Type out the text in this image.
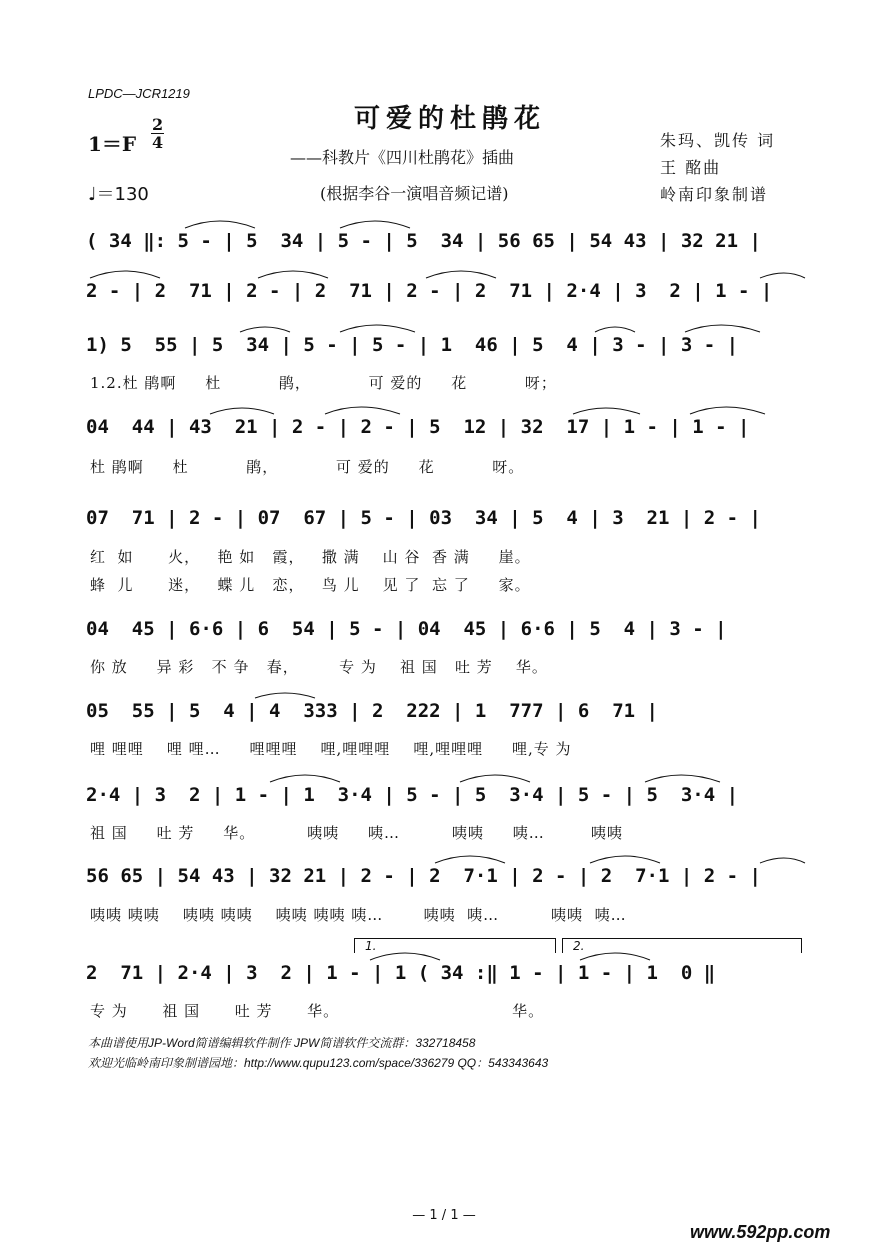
LPDC—JCR1219
可爱的杜鹃花
——科教片《四川杜鹃花》插曲
(根据李谷一演唱音频记谱)
1＝F
2
4
♩＝130
朱玛、凯传 词
王 酩曲
岭南印象制谱
( 34 ‖: 5 - | 5  34 | 5 - | 5  34 | 56 65 | 54 43 | 32 21 |
2 - | 2  71 | 2 - | 2  71 | 2 - | 2  71 | 2·4 | 3  2 | 1 - |
1) 5  55 | 5  34 | 5 - | 5 - | 1  46 | 5  4 | 3 - | 3 - |
1.2.杜 鹃啊     杜          鹃，          可 爱的     花          呀；
04  44 | 43  21 | 2 - | 2 - | 5  12 | 32  17 | 1 - | 1 - |
杜 鹃啊     杜          鹃，          可 爱的     花          呀。
07  71 | 2 - | 07  67 | 5 - | 03  34 | 5  4 | 3  21 | 2 - |
红  如      火，   艳 如   霞，   撒 满    山 谷  香 满     崖。
蜂  儿      迷，   蝶 儿   恋，   鸟 儿    见 了  忘 了     家。
04  45 | 6·6 | 6  54 | 5 - | 04  45 | 6·6 | 5  4 | 3 - |
你 放     异 彩   不 争   春，       专 为    祖 国   吐 芳    华。
05  55 | 5  4 | 4  333 | 2  222 | 1  777 | 6  71 |
哩 哩哩    哩 哩…     哩哩哩    哩,哩哩哩    哩,哩哩哩     哩,专 为
2·4 | 3  2 | 1 - | 1  3·4 | 5 - | 5  3·4 | 5 - | 5  3·4 |
祖 国     吐 芳     华。         咦咦     咦…         咦咦     咦…        咦咦
56 65 | 54 43 | 32 21 | 2 - | 2  7·1 | 2 - | 2  7·1 | 2 - |
咦咦 咦咦    咦咦 咦咦    咦咦 咦咦 咦…       咦咦  咦…         咦咦  咦…
2  71 | 2·4 | 3  2 | 1 - | 1 ( 34 :‖ 1 - | 1 - | 1  0 ‖
专 为      祖 国      吐 芳      华。                              华。
1.	2.
本曲谱使用JP-Word简谱编辑软件制作 JPW简谱软件交流群：332718458
欢迎光临岭南印象制谱园地：http://www.qupu123.com/space/336279 QQ：543343643
— 1 / 1 —
www.592pp.com
